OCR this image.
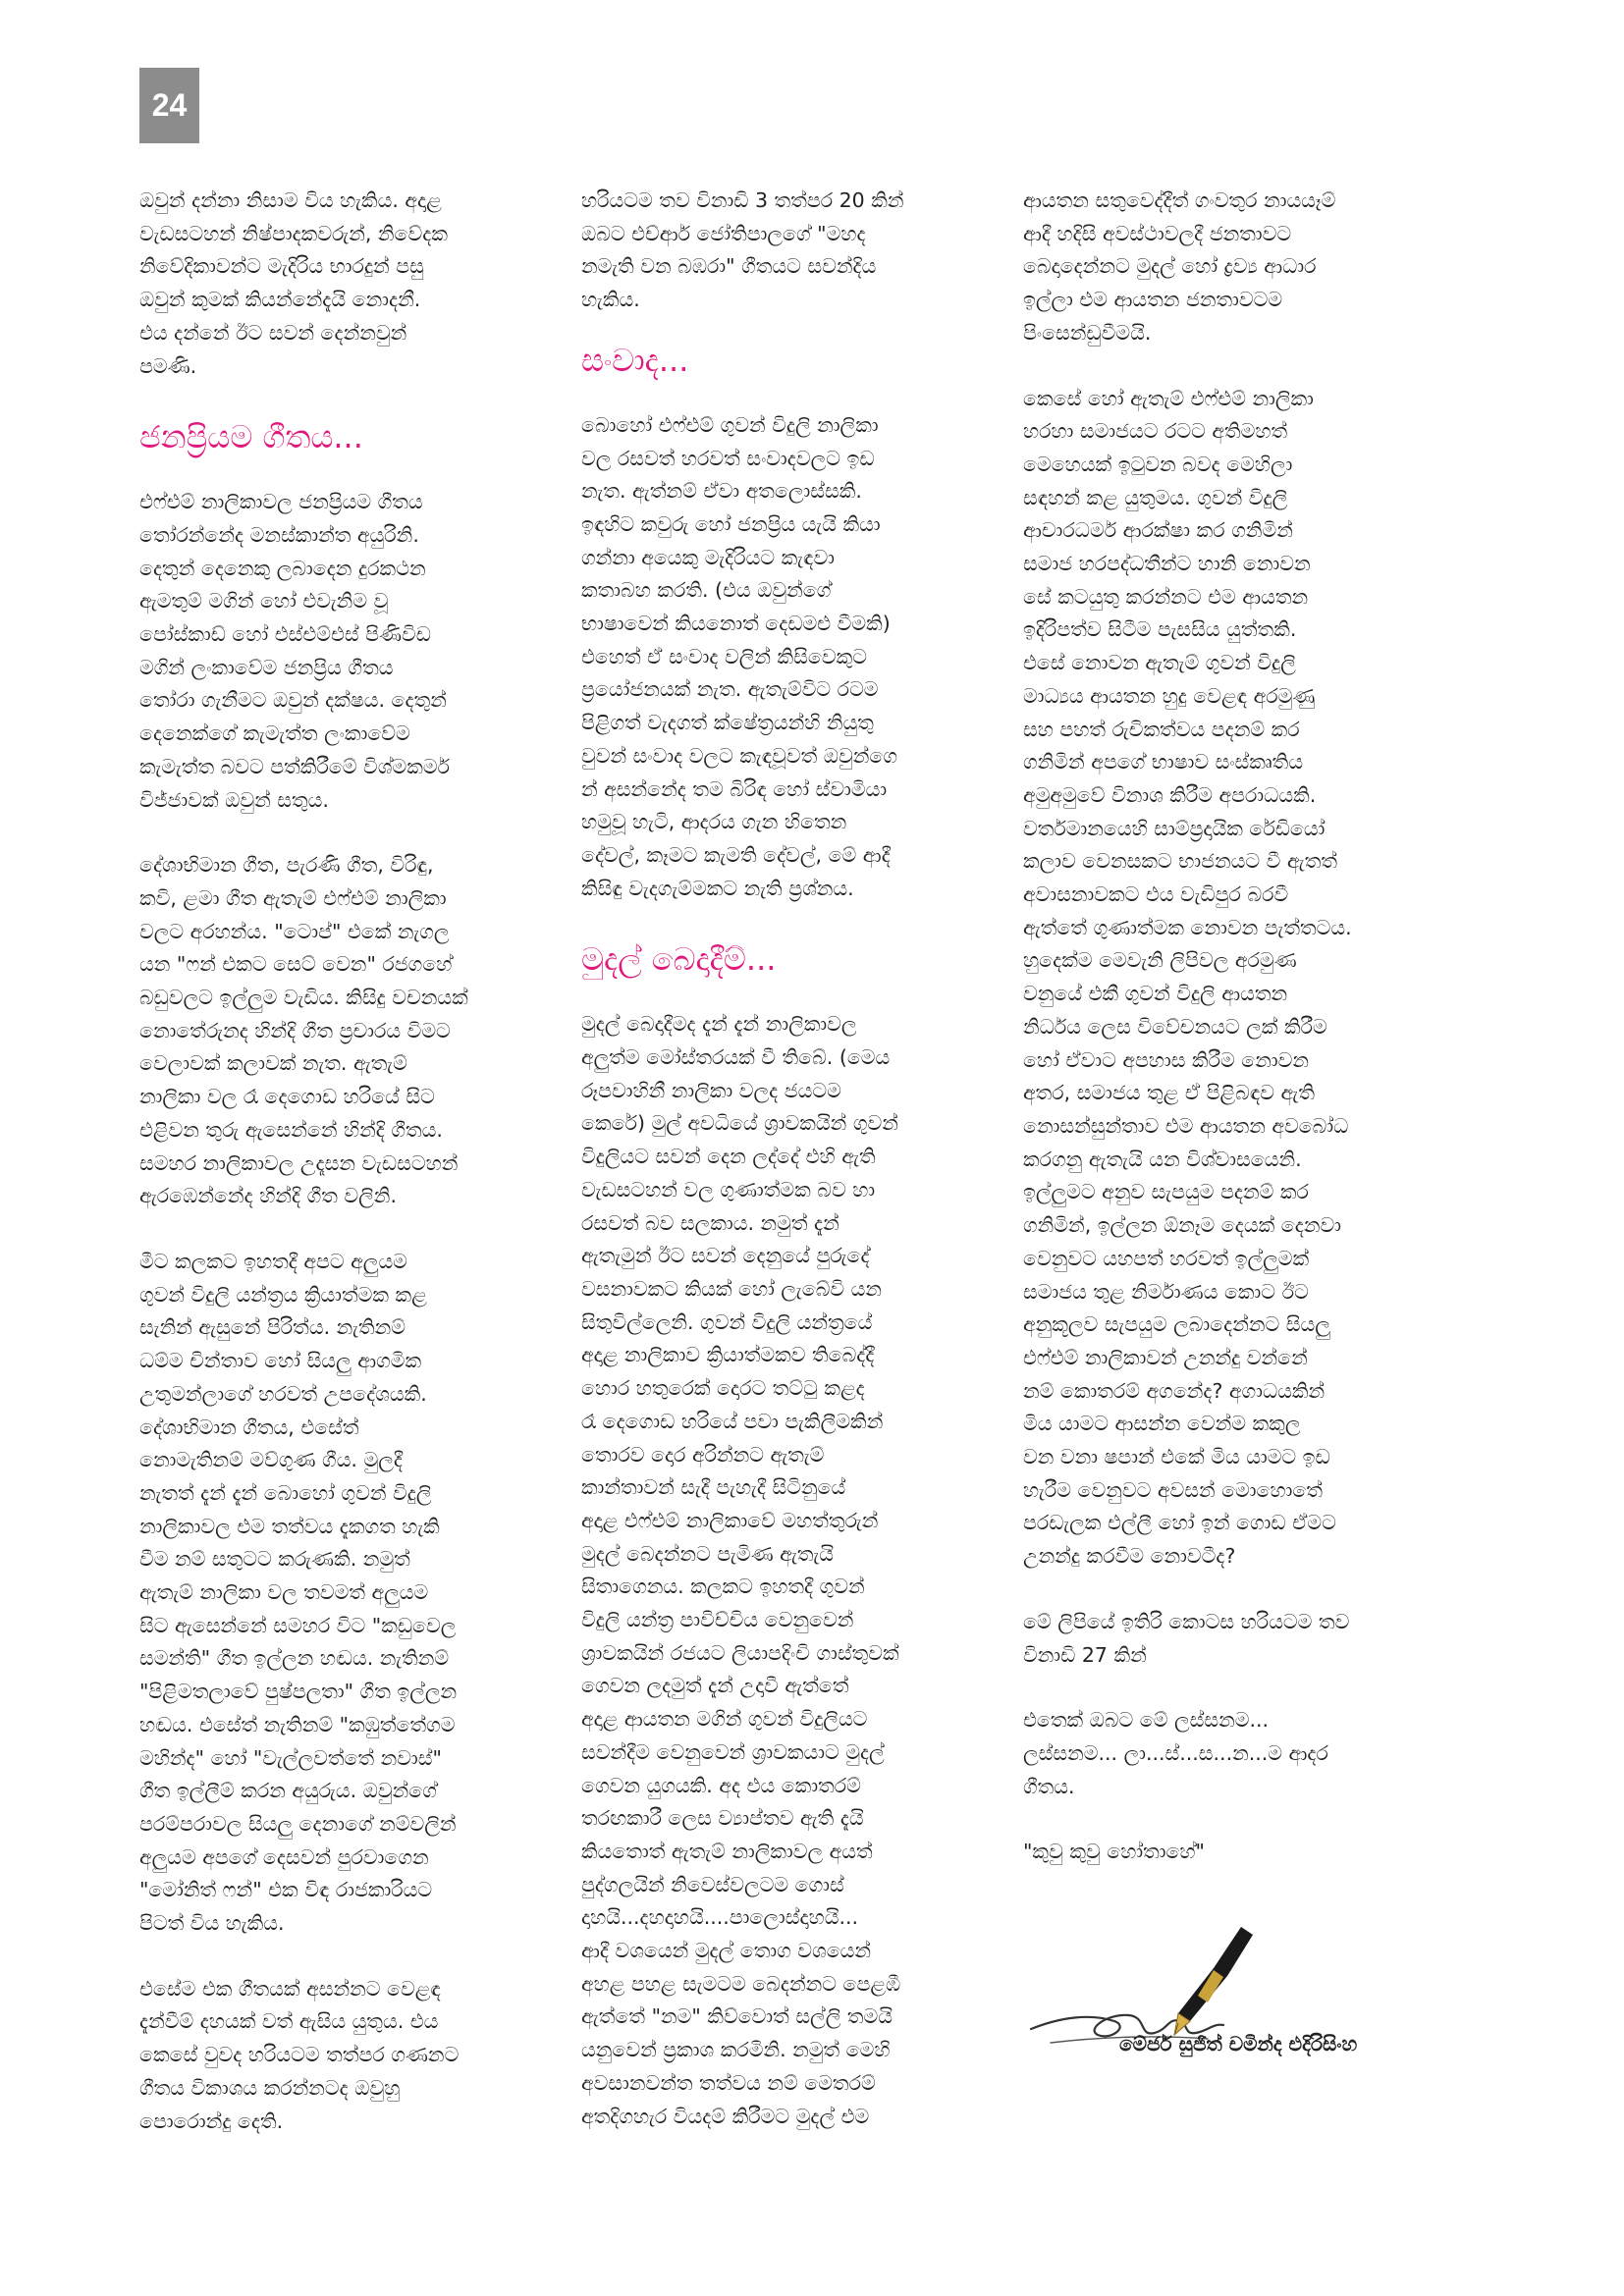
24

ඔවුන් දන්නා නිසාම විය හැකිය. අදාළ
වැඩසටහන් නිෂ්පාදකවරුන්, නිවේදක
නිවේදිකාවන්ට මැදිරිය භාරදුන් පසු
ඔවුන් කුමක් කියන්නේදැයි නොදනී.
එය දන්නේ ඊට සවන් දෙන්නවුන්
පමණි.

ජනප්‍රියම ගීතය...

එෆ්එම් නාලිකාවල ජනප්‍රියම ගීතය
තෝරන්නේද මනස්කාන්ත අයුරිනි.
දෙතුන් දෙනෙකු ලබාදෙන දුරකථන
ඇමතුම් මගින් හෝ එවැනිම වූ
පෝස්කාඩ් හෝ එස්එම්එස් පිණිවිඩ
මගින් ලංකාවේම ජනප්‍රිය ගීතය
තෝරා ගැනීමට ඔවුන් දක්ෂය. දෙතුන්
දෙනෙක්ගේ කැමැත්ත ලංකාවේම
කැමැත්ත බවට පත්කිරීමේ විශ්මකර්ම
විජ්ජාවක් ඔවුන් සතුය.

දේශාභිමාන ගීත, පැරණි ගීත, විරිඳු,
කවි, ළමා ගීත ඇතැම් එෆ්එම් නාලිකා
වලට අරහන්ය. "ටොප්" එකේ නැගල
යන "ෆන් එකට සෙට් වෙන" රජගහේ
බඩුවලට ඉල්ලුම වැඩිය. කිසිදු වචනයක්
නොතේරුනද හින්දි ගීත ප්‍රචාරය විමට
වෙලාවක් කලාවක් නැත. ඇතැම්
නාලිකා වල රෑ දෙගොඩ හරියේ සිට
එළිවන තුරු ඇසෙන්නේ හින්දි ගීතය.
සමහර නාලිකාවල උදෑසන වැඩසටහන්
ඇරඹෙන්නේද හින්දි ගීත වලිනි.

මීට කලකට ඉහතදී අපට අලුයම
ගුවන් විදුලි යන්ත්‍රය ක්‍රියාත්මක කළ
සැනින් ඇසුනේ පිරිත්ය. නැතිනම්
ධම්ම චින්තාව හෝ සියලු ආගමික
උතුමන්ලාගේ හරවත් උපදේශයකි.
දේශාභිමාන ගීතය, එසේත්
නොමැතිනම් මව්ගුණ ගීය. මුලදී
නැතත් දැන් දැන් බොහෝ ගුවන් විදුලි
නාලිකාවල එම තත්වය දැකගත හැකි
වීම නම් සතුටට කරුණකි. නමුත්
ඇතැම් නාලිකා වල තවමත් අලුයම
සිට ඇසෙන්නේ සමහර විට "කඩුවෙල
සමන්ති" ගීත ඉල්ලන හඬය. නැතිනම්
"පිළිමතලාවේ පුෂ්පලතා" ගීත ඉල්ලන
හඬය. එසේත් නැතිනම් "කඹුත්තේගම
මහින්ද" හෝ "වැල්ලවත්තේ නවාස්"
ගීත ඉල්ලීම් කරන අයුරුය. ඔවුන්ගේ
පරම්පරාවල සියලු දෙනාගේ නම්වලින්
අලුයම අපගේ දෙසවන් පුරවාගෙන
"මෝනිත් ෆන්" එක විඳ රාජකාරියට
පිටත් විය හැකිය.

එසේම එක ගීතයක් අසන්නට වෙළඳ
දැන්වීම් දහයක් වත් ඇසිය යුතුය. එය
කෙසේ වුවද හරියටම තත්පර ගණනට
ගීතය විකාශය කරන්නටද ඔවුහු
පොරොන්දු දෙති.

හරියටම තව විනාඩි 3 තත්පර 20 කින්
ඔබට එච්ආර් ජෝතිපාලගේ "මහද
නමැති වන බඹරා" ගීතයට සවන්දිය
හැකිය.

සංවාද...

බොහෝ එෆ්එම් ගුවන් විදුලි නාලිකා
වල රසවත් හරවත් සංවාදවලට ඉඩ
නැත. ඇත්නම් ඒවා අතලොස්සකි.
ඉඳහිට කවුරු හෝ ජනප්‍රිය යැයි කියා
ගන්නා අයෙකු මැදිරියට කැඳවා
කතාබහ කරති. (එය ඔවුන්ගේ
භාෂාවෙන් කියනොත් දෙඩමළු වීමකි)
එහෙත් ඒ සංවාද වලින් කිසිවෙකුට
ප්‍රයෝජනයක් නැත. ඇතැම්විට රටම
පිළිගත් වැදගත් ක්ෂේත්‍රයන්හි නියුතු
වුවන් සංවාද වලට කැඳවූවත් ඔවුන්ගෙ
න් අසන්නේද තම බිරිඳ හෝ ස්වාමියා
හමුවූ හැටි, ආදරය ගැන හිතෙන
දේවල්, කෑමට කැමති දේවල්, මේ ආදී
කිසිඳු වැදගැම්මකට නැති ප්‍රශ්නය.

මුදල් බෙදාදීම්...

මුදල් බෙදාදීමද දැන් දැන් නාලිකාවල
අලුත්ම මෝස්තරයක් වී තිබේ. (මෙය
රූපවාහිනී නාලිකා වලද ජයටම
කෙරේ) මුල් අවධියේ ශ්‍රාවකයින් ගුවන්
විදුලියට සවන් දෙන ලද්දේ එහි ඇති
වැඩසටහන් වල ගුණාත්මක බව හා
රසවත් බව සලකාය. නමුත් දැන්
ඇතැමුන් ඊට සවන් දෙනුයේ පුරුදේ
වසනාවකට කියක් හෝ ලැබේවි යන
සිතුවිල්ලෙනි. ගුවන් විදුලි යන්ත්‍රයේ
අදාළ නාලිකාව ක්‍රියාත්මකව තිබෙද්දී
හොර හතුරෙක් දොරට තට්ටු කළද
රෑ දෙගොඩ හරියේ පවා පැකිලීමකින්
තොරව දොර අරින්නට ඇතැම්
කාන්තාවන් සැදී පැහැදී සිටිනුයේ
අදාළ එෆ්එම් නාලිකාවේ මහත්තුරුන්
මුදල් බෙදන්නට පැමිණ ඇතැයි
සිතාගෙනය. කලකට ඉහතදී ගුවන්
විදුලි යන්ත්‍ර පාවිච්චිය වෙනුවෙන්
ශ්‍රාවකයින් රජයට ලියාපදිංචි ගාස්තුවක්
ගෙවන ලදමුත් දැන් උදාවී ඇත්තේ
අදාළ ආයතන මගින් ගුවන් විදුලියට
සවන්දීම වෙනුවෙන් ශ්‍රාවකයාට මුදල්
ගෙවන යුගයකි. අද එය කොතරම්
තරඟකාරී ලෙස ව්‍යාප්තව ඇති දැයි
කියතොත් ඇතැම් නාලිකාවල අයත්
පුද්ගලයින් නිවෙස්වලටම ගොස්
දාහයි...දහදාහයි....පාලොස්දාහයි...
ආදී වශයෙන් මුදල් තොග වශයෙන්
අහළ පහළ සැමටම බෙදන්නට පෙළඹී
ඇත්තේ "නම" කිව්වොත් සල්ලි තමයි
යනුවෙන් ප්‍රකාශ කරමිනි. නමුත් මෙහි
අවසානවන්ත තත්වය නම් මෙතරම්
අතදිගහැර වියදම් කිරීමට මුදල් එම

ආයතන සතුවෙද්දීත් ගංවතුර නායයෑම්
ආදී හදිසි අවස්ථාවලදී ජනතාවට
බෙදාදෙන්නට මුදල් හෝ ද්‍රව්‍ය ආධාර
ඉල්ලා එම ආයතන ජනතාවටම
පිංසෙන්ඩුවීමයි.

කෙසේ හෝ ඇතැම් එෆ්එම් නාලිකා
හරහා සමාජයට රටට අතිමහත්
මෙහෙයක් ඉටුවන බවද මෙහිලා
සඳහන් කළ යුතුමය. ගුවන් විදුලි
ආචාරධර්ම ආරක්ෂා කර ගනිමින්
සමාජ හරපද්ධතීන්ට හානි නොවන
සේ කටයුතු කරන්නට එම ආයතන
ඉදිරිපත්ව සිටීම පැසසිය යුත්තකි.
එසේ නොවන ඇතැම් ගුවන් විදුලි
මාධ්‍යය ආයතන හුදු වෙළඳ අරමුණු
සහ පහත් රුචිකත්වය පදනම් කර
ගනිමින් අපගේ භාෂාව සංස්කෘතිය
අමුඅමුවේ විනාශ කිරීම අපරාධයකි.
වර්තමානයෙහි සාම්ප්‍රදායික රේඩියෝ
කලාව වෙනසකට භාජනයට වී ඇතත්
අවාසනාවකට එය වැඩිපුර බරවී
ඇත්තේ ගුණාත්මක නොවන පැත්තටය.
හුදෙක්ම මෙවැනි ලිපිවල අරමුණ
වනුයේ එකී ගුවන් විදුලි ආයතන
නිර්ධය ලෙස විවේචනයට ලක් කිරීම
හෝ ඒවාට අපහාස කිරීම නොවන
අතර, සමාජය තුළ ඒ පිළිබඳව ඇති
නොසන්සුන්තාව එම ආයතන අවබෝධ
කරගනු ඇතැයි යන විශ්වාසයෙනි.
ඉල්ලුමට අනුව සැපයුම පදනම් කර
ගනිමින්, ඉල්ලන ඕනෑම දෙයක් දෙනවා
වෙනුවට යහපත් හරවත් ඉල්ලුමක්
සමාජය තුළ නිර්මාණය කොට ඊට
අනුකූලව සැපයුම ලබාදෙන්නට සියලු
එෆ්එම් නාලිකාවන් උනන්දු වන්නේ
නම් කොතරම් අගනේද? අගාධයකින්
මිය යාමට ආසන්න වෙන්ම කකුල
වන වනා ෂපාන් එකේ මිය යාමට ඉඩ
හැරීම වෙනුවට අවසන් මොහොතේ
පරඩැලක එල්ලී හෝ ඉන් ගොඩ ඒමට
උනන්දු කරවීම නොවටීද?

මේ ලිපියේ ඉතිරි කොටස හරියටම තව
විනාඩි 27 කින්

එතෙක් ඔබට මේ ලස්සනම...
ලස්සනම... ලා...ස්...ස...න...ම ආදර
ගීතය.

"කුවු කුවු හෝතාහේ"

මේජර් සුජිත් චමින්ද එදිරිසිංහ
